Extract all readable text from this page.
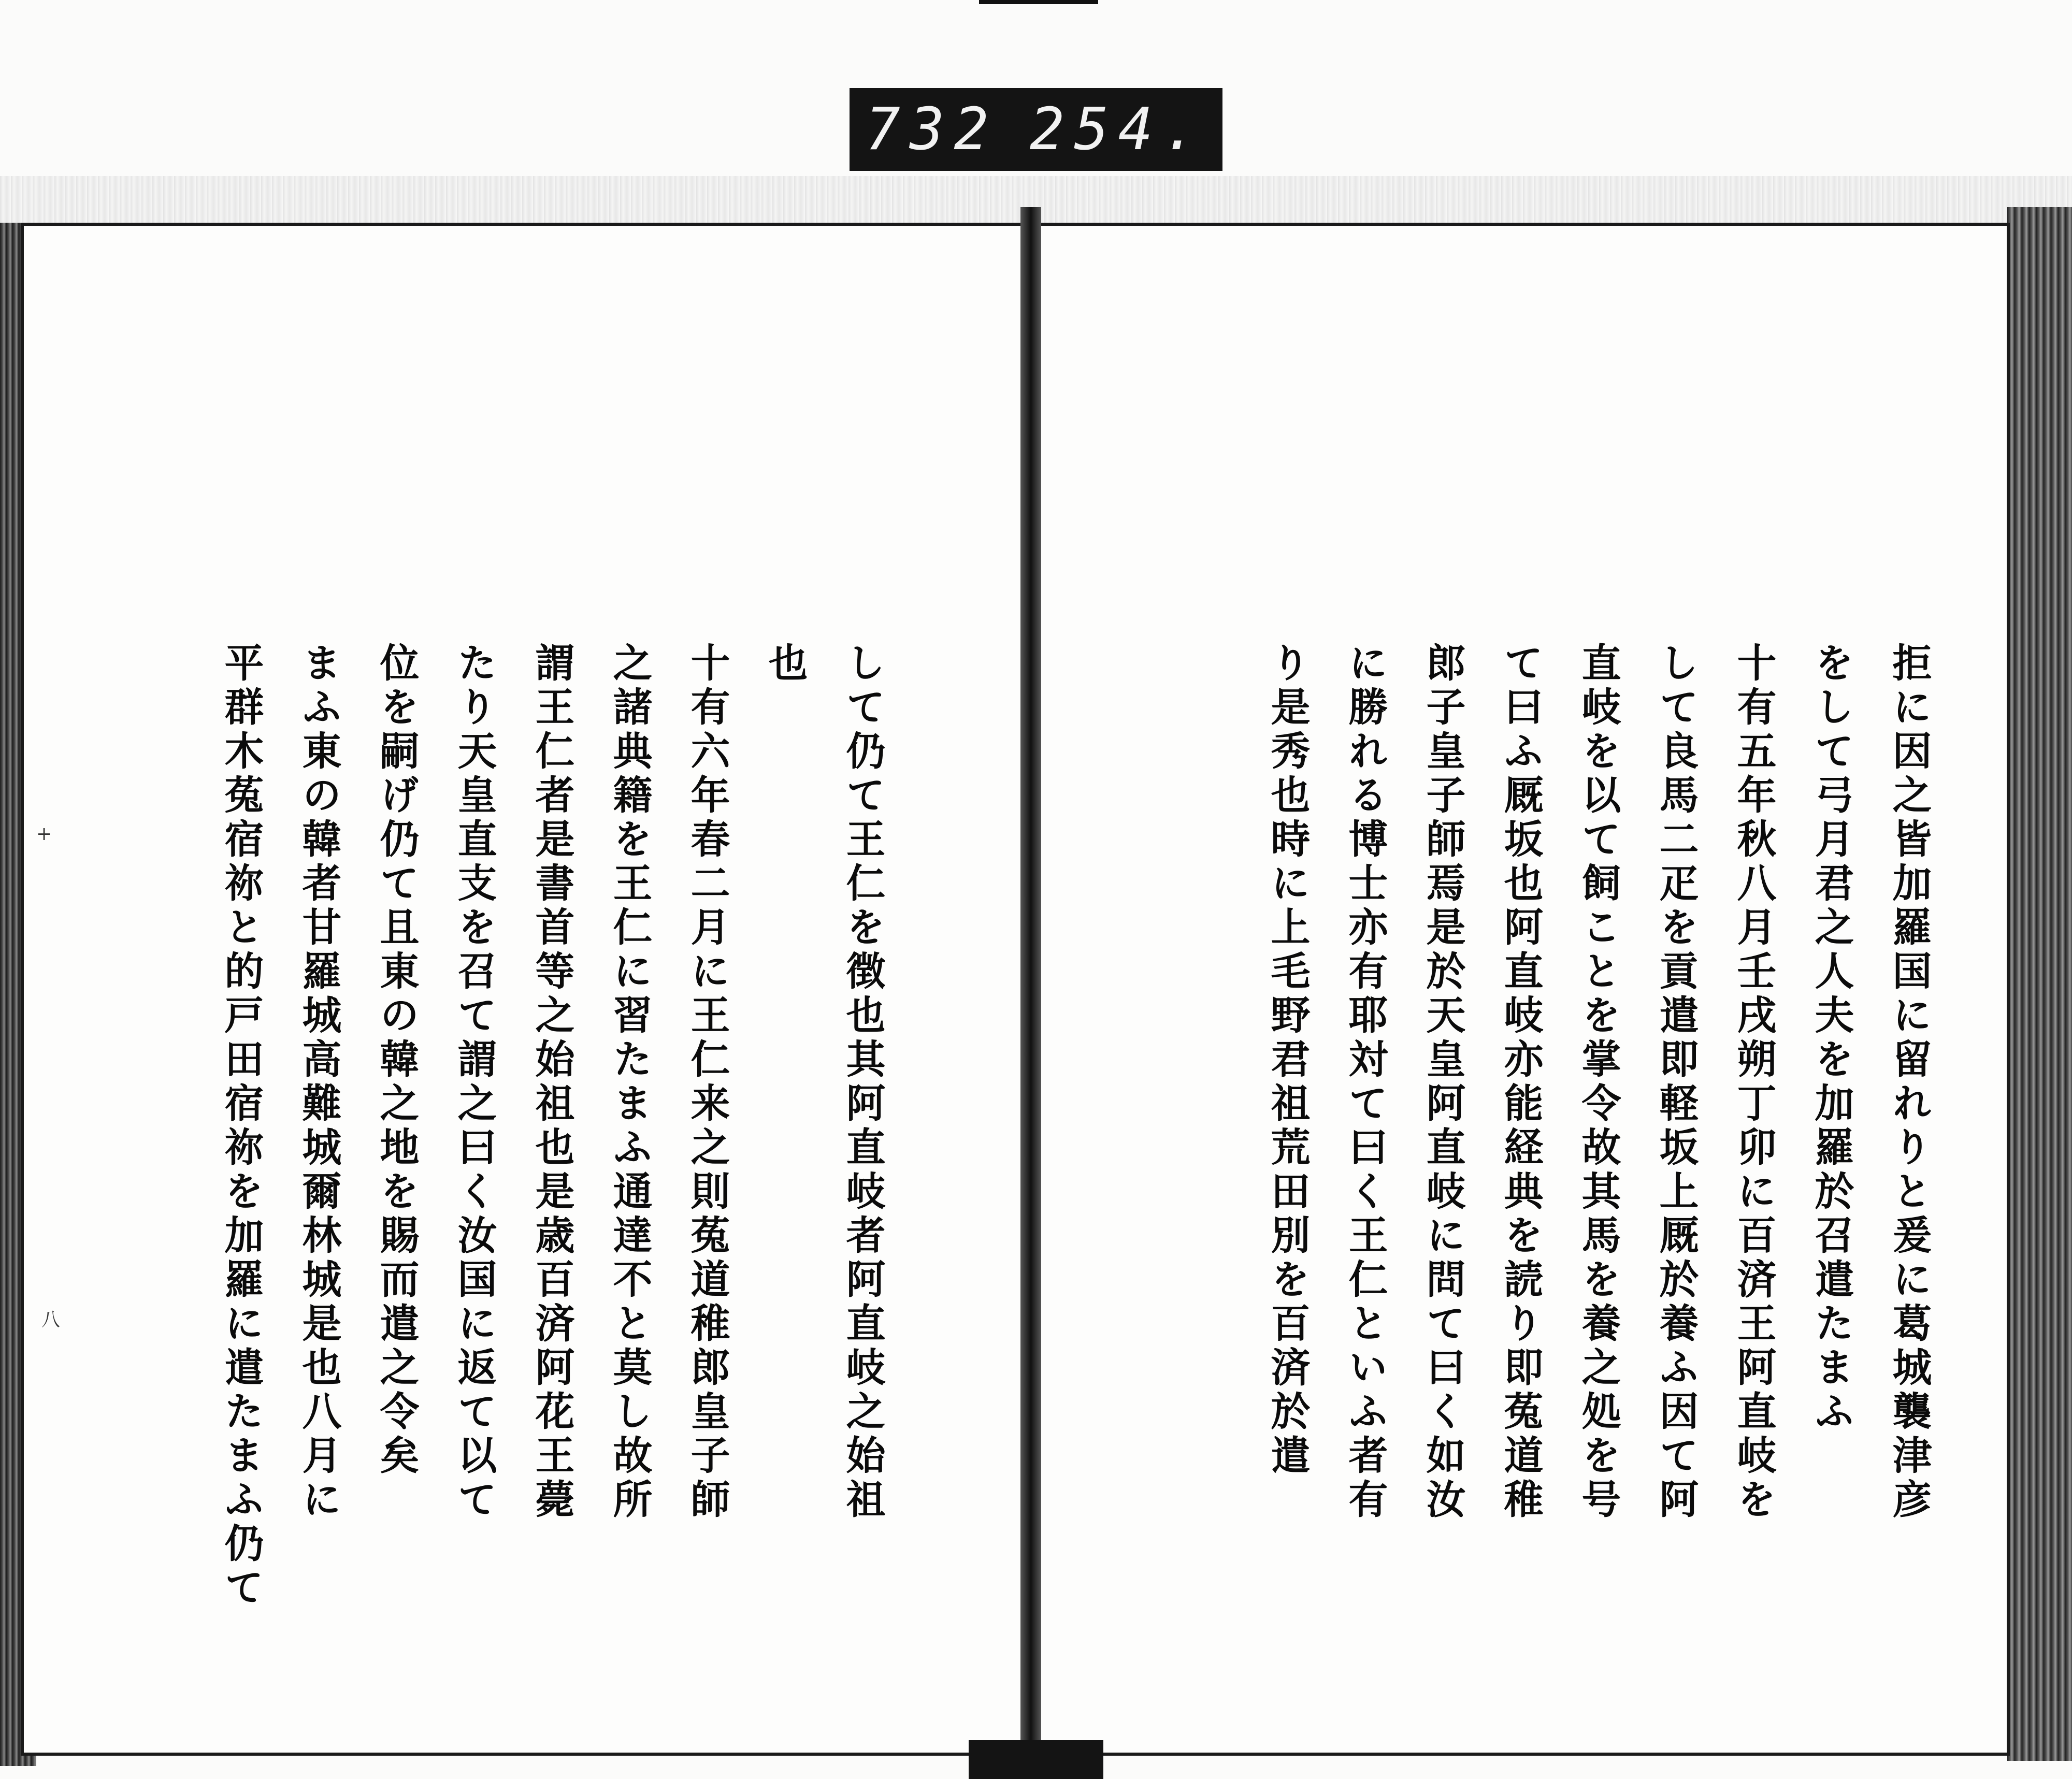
732 254.
+
八	拒に因之皆加羅国に留れりと爰に葛城襲津彦
をして弓月君之人夫を加羅於召遣たまふ
十有五年秋八月壬戌朔丁卯に百済王阿直岐を
して良馬二疋を貢遣即軽坂上厩於養ふ因て阿
直岐を以て飼ことを掌令故其馬を養之処を号
て曰ふ厩坂也阿直岐亦能経典を読り即菟道稚
郎子皇子師焉是於天皇阿直岐に問て曰く如汝
に勝れる博士亦有耶対て曰く王仁といふ者有
り是秀也時に上毛野君祖荒田別を百済於遣
して仍て王仁を徴也其阿直岐者阿直岐之始祖
也
十有六年春二月に王仁来之則菟道稚郎皇子師
之諸典籍を王仁に習たまふ通達不と莫し故所
謂王仁者是書首等之始祖也是歳百済阿花王薨
たり天皇直支を召て謂之曰く汝国に返て以て
位を嗣げ仍て且東の韓之地を賜而遣之令矣
まふ東の韓者甘羅城高難城爾林城是也八月に
平群木菟宿祢と的戸田宿祢を加羅に遣たまふ仍て
